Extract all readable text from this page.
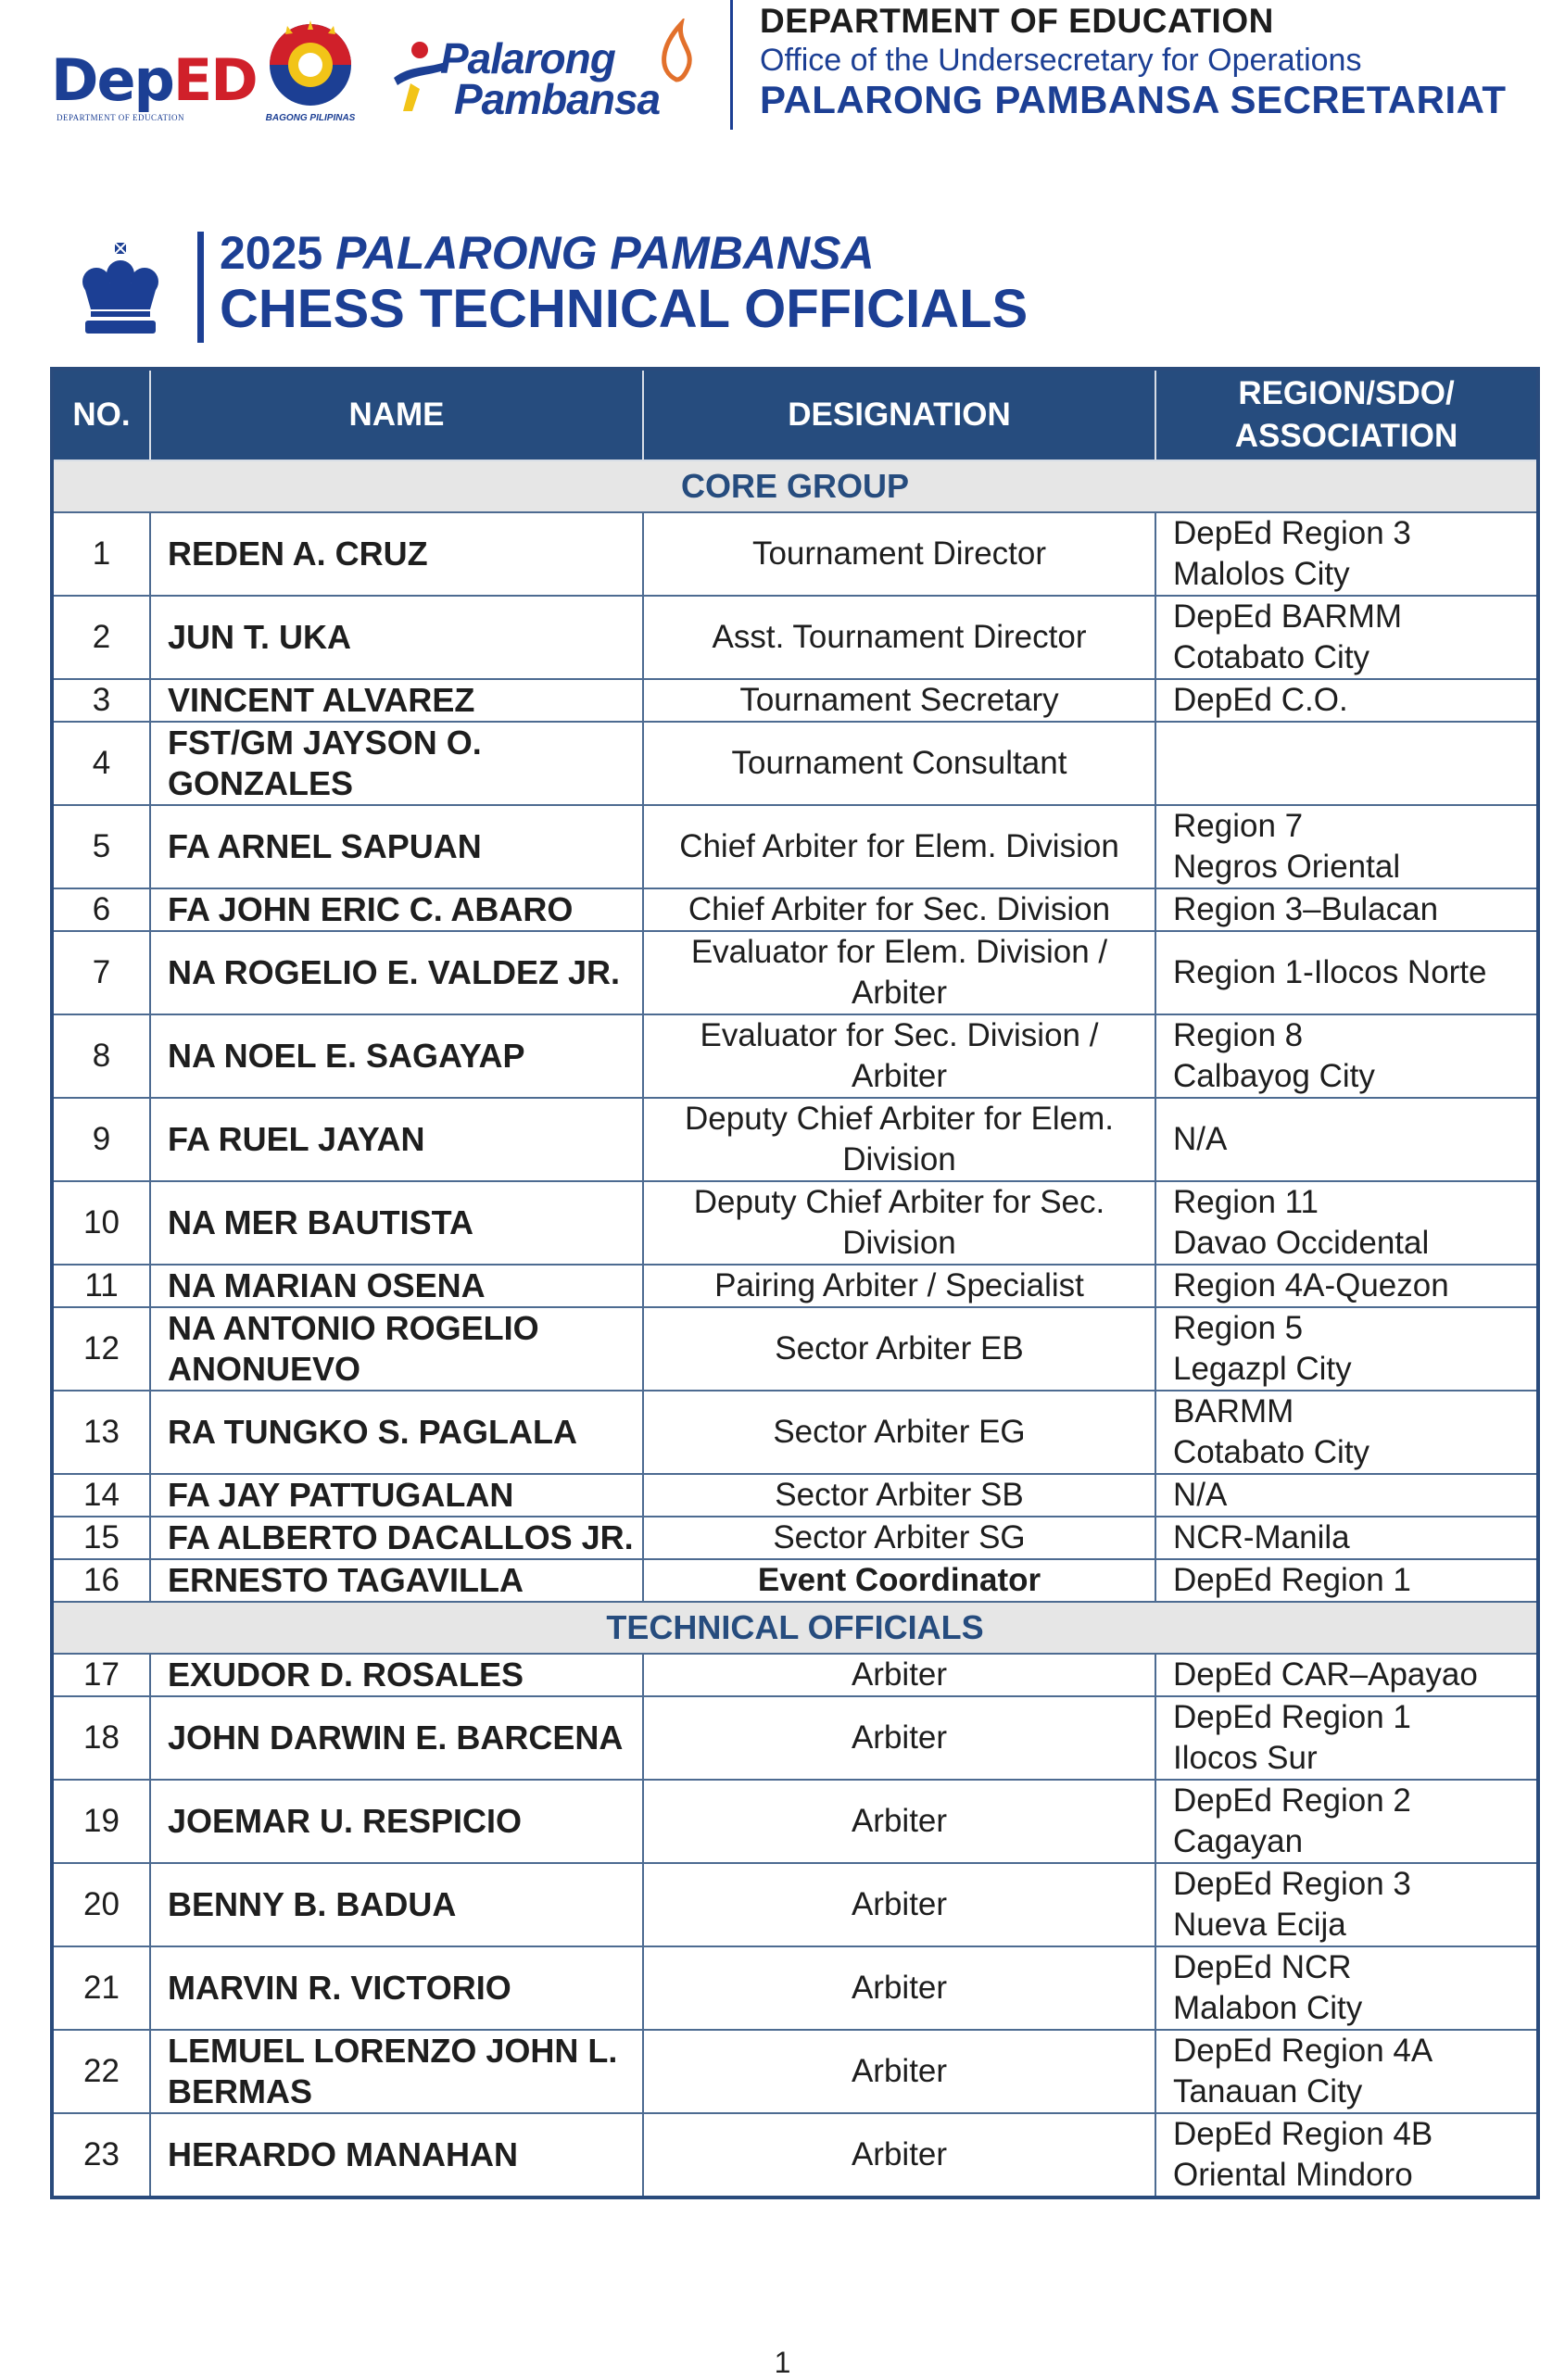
DepED
DEPARTMENT OF EDUCATION	BAGONG PILIPINAS
Palarong
Pambansa
DEPARTMENT OF EDUCATION
Office of the Undersecretary for Operations
PALARONG PAMBANSA SECRETARIAT
2025 PALARONG PAMBANSA
CHESS TECHNICAL OFFICIALS
NO.	NAME	DESIGNATION	REGION/SDO/
ASSOCIATION
CORE GROUP			
1	REDEN A. CRUZ	Tournament Director	DepEd Region 3
Malolos City
2	JUN T. UKA	Asst. Tournament Director	DepEd BARMM
Cotabato City
3	VINCENT ALVAREZ	Tournament Secretary	DepEd C.O.
4	FST/GM JAYSON O. GONZALES	Tournament Consultant	
5	FA ARNEL SAPUAN	Chief Arbiter for Elem. Division	Region 7
Negros Oriental
6	FA JOHN ERIC C. ABARO	Chief Arbiter for Sec. Division	Region 3–Bulacan
7	NA ROGELIO E. VALDEZ JR.	Evaluator for Elem. Division /
Arbiter	Region 1-Ilocos Norte
8	NA NOEL E. SAGAYAP	Evaluator for Sec. Division /
Arbiter	Region 8
Calbayog City
9	FA RUEL JAYAN	Deputy Chief Arbiter for Elem.
Division	N/A
10	NA MER BAUTISTA	Deputy Chief Arbiter for Sec.
Division	Region 11
Davao Occidental
11	NA MARIAN OSENA	Pairing Arbiter / Specialist	Region 4A-Quezon
12	NA ANTONIO ROGELIO
ANONUEVO	Sector Arbiter EB	Region 5
Legazpl City
13	RA TUNGKO S. PAGLALA	Sector Arbiter EG	BARMM
Cotabato City
14	FA JAY PATTUGALAN	Sector Arbiter SB	N/A
15	FA ALBERTO DACALLOS JR.	Sector Arbiter SG	NCR-Manila
16	ERNESTO TAGAVILLA	Event Coordinator	DepEd Region 1
TECHNICAL OFFICIALS			
17	EXUDOR D. ROSALES	Arbiter	DepEd CAR–Apayao
18	JOHN DARWIN E. BARCENA	Arbiter	DepEd Region 1
Ilocos Sur
19	JOEMAR U. RESPICIO	Arbiter	DepEd Region 2
Cagayan
20	BENNY B. BADUA	Arbiter	DepEd Region 3
Nueva Ecija
21	MARVIN R. VICTORIO	Arbiter	DepEd NCR
Malabon City
22	LEMUEL LORENZO JOHN L.
BERMAS	Arbiter	DepEd Region 4A
Tanauan City
23	HERARDO MANAHAN	Arbiter	DepEd Region 4B
Oriental Mindoro
1
